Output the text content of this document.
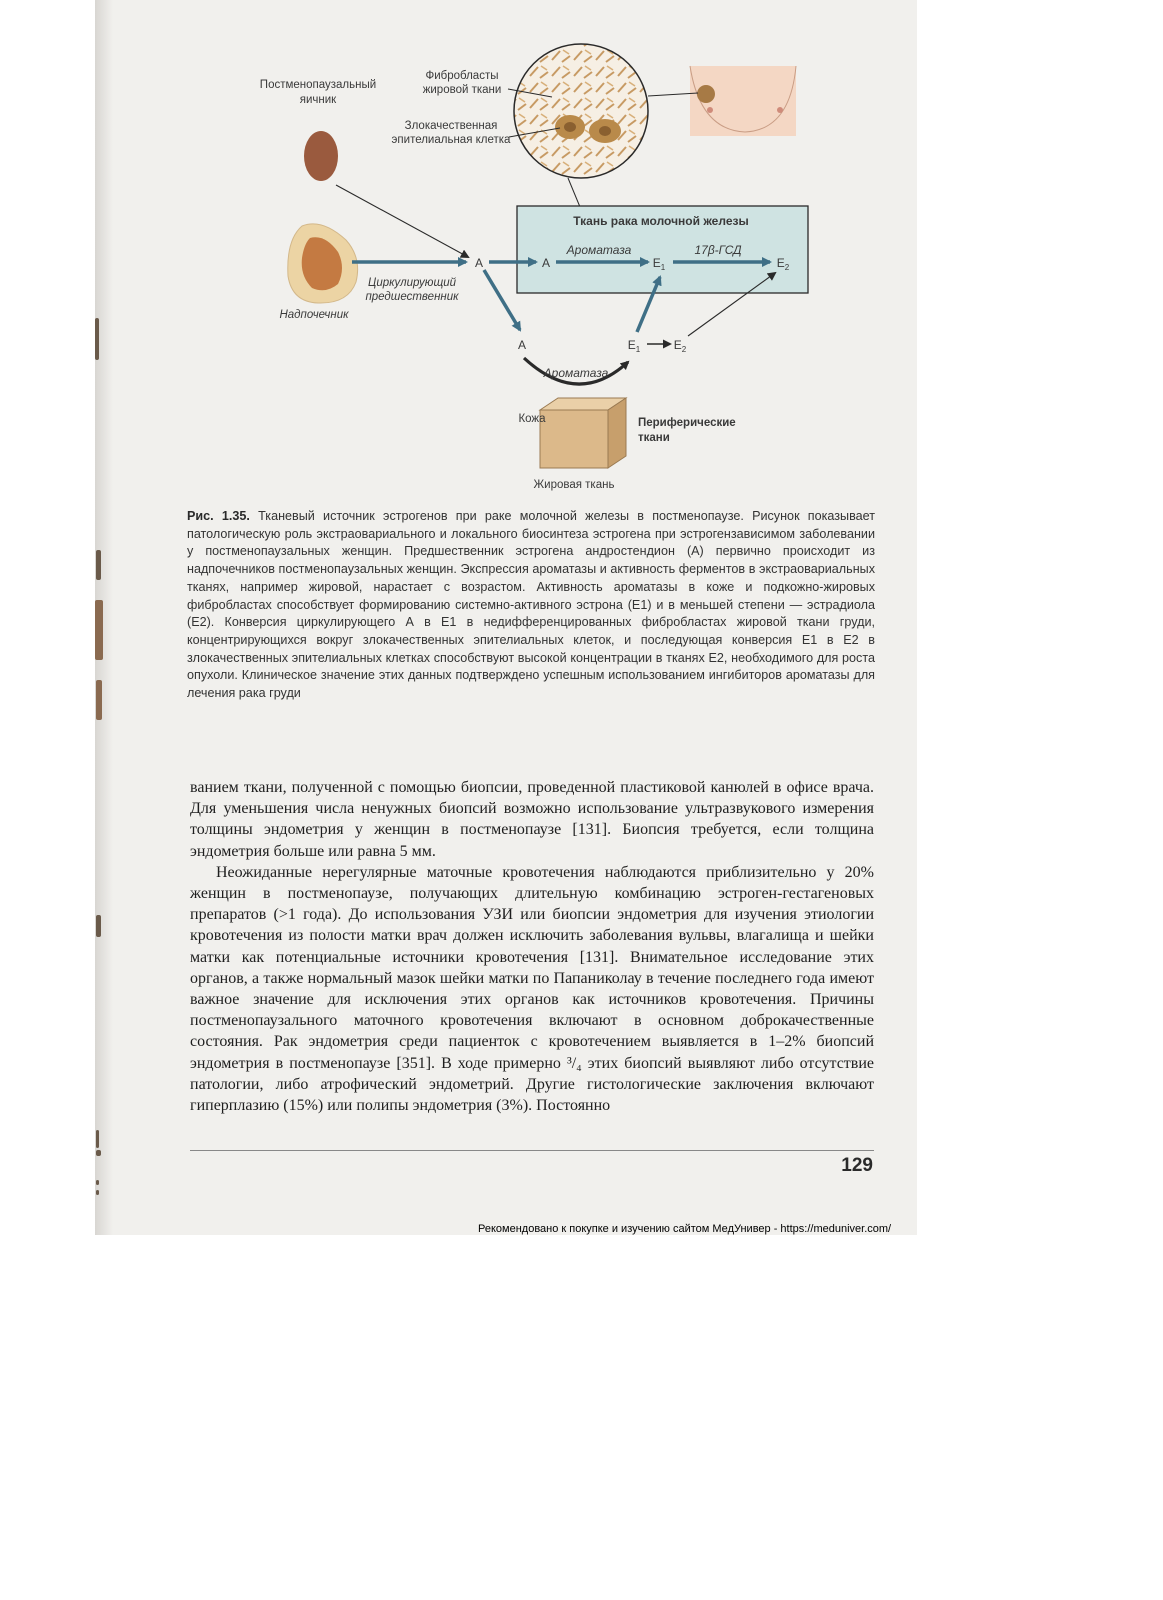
Постменопаузальный
яичник
Фибробласты
жировой ткани
Злокачественная
эпителиальная клетка
Ткань рака молочной железы
Надпочечник
Циркулирующий
предшественник
A	A
Ароматаза
$E_1$
17β-ГСД
$E_2$
A	$E_1$	$E_2$
Ароматаза
Кожа	Периферические
ткани
Жировая ткань
Рис. 1.35. Тканевый источник эстрогенов при раке молочной железы в постменопаузе. Рисунок показывает патологическую роль экстраовариального и локального биосинтеза эстрогена при эстрогензависимом заболевании у постменопаузальных женщин. Предшественник эстрогена андростендион (А) первично происходит из надпочечников постменопаузальных женщин. Экспрессия ароматазы и активность ферментов в экстраовариальных тканях, например жировой, нарастает с возрастом. Активность ароматазы в коже и подкожно-жировых фибробластах способствует формированию системно-активного эстрона (E1) и в меньшей степени — эстрадиола (E2). Конверсия циркулирующего А в E1 в недифференцированных фибробластах жировой ткани груди, концентрирующихся вокруг злокачественных эпителиальных клеток, и последующая конверсия E1 в E2 в злокачественных эпителиальных клетках способствуют высокой концентрации в тканях E2, необходимого для роста опухоли. Клиническое значение этих данных подтверждено успешным использованием ингибиторов ароматазы для лечения рака груди

ванием ткани, полученной с помощью биопсии, проведенной пластиковой канюлей в офисе врача. Для уменьшения числа ненужных биопсий возможно использование ультразвукового измерения толщины эндометрия у женщин в постменопаузе [131]. Биопсия требуется, если толщина эндометрия больше или равна 5 мм.

Неожиданные нерегулярные маточные кровотечения наблюдаются приблизительно у 20% женщин в постменопаузе, получающих длительную комбинацию эстроген-гестагеновых препаратов (>1 года). До использования УЗИ или биопсии эндометрия для изучения этиологии кровотечения из полости матки врач должен исключить заболевания вульвы, влагалища и шейки матки как потенциальные источники кровотечения [131]. Внимательное исследование этих органов, а также нормальный мазок шейки матки по Папаниколау в течение последнего года имеют важное значение для исключения этих органов как источников кровотечения. Причины постменопаузального маточного кровотечения включают в основном доброкачественные состояния. Рак эндометрия среди пациенток с кровотечением выявляется в 1–2% биопсий эндометрия в постменопаузе [351]. В ходе примерно ³/₄ этих биопсий выявляют либо отсутствие патологии, либо атрофический эндометрий. Другие гистологические заключения включают гиперплазию (15%) или полипы эндометрия (3%). Постоянно

129
Рекомендовано к покупке и изучению сайтом МедУнивер - https://meduniver.com/
